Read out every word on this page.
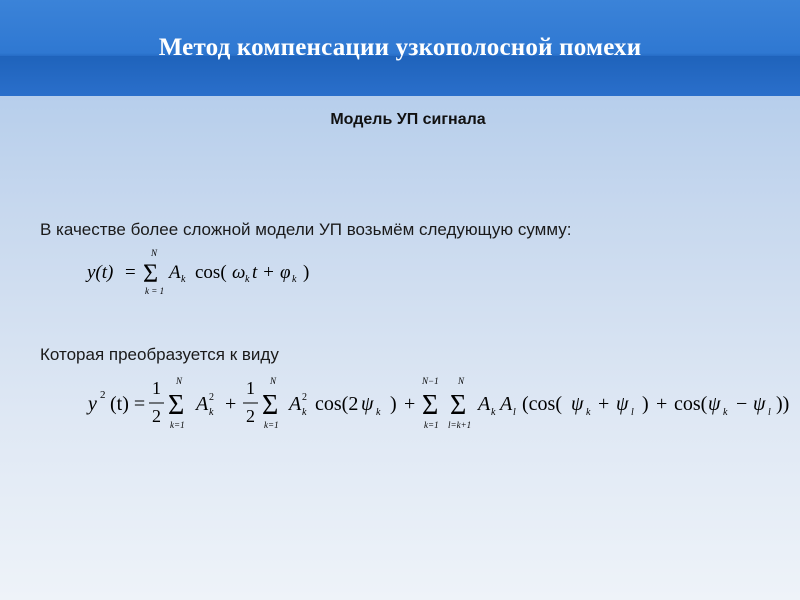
Метод компенсации узкополосной помехи
Модель УП сигнала
В качестве более сложной модели УП возьмём следующую сумму:
y(t) =
N
Σ
k = 1
A k cos( ω k t + φ k )
Которая преобразуется к виду
y 2 (t) =
1
2
N
Σ
k=1
A 2
k +
1
2
N
Σ
k=1
A 2
k cos(2 ψ k ) +
N−1
Σ
k=1
N
Σ
l=k+1
A k A l (cos( ψ k + ψ l ) + cos( ψ k − ψ l ))
